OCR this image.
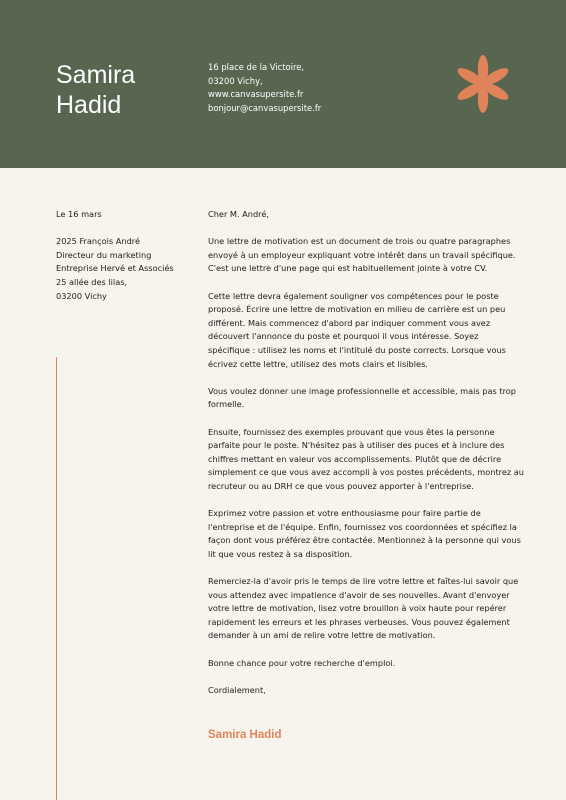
Samira
Hadid
16 place de la Victoire,
03200 Vichy,
www.canvasupersite.fr
bonjour@canvasupersite.fr
Le 16 mars
2025 François André
Directeur du marketing
Entreprise Hervé et Associés
25 allée des lilas,
03200 Vichy

Cher M. André,

Une lettre de motivation est un document de trois ou quatre paragraphes
envoyé à un employeur expliquant votre intérêt dans un travail spécifique.
C'est une lettre d'une page qui est habituellement jointe à votre CV.

Cette lettre devra également souligner vos compétences pour le poste
proposé. Écrire une lettre de motivation en milieu de carrière est un peu
différent. Mais commencez d'abord par indiquer comment vous avez
découvert l'annonce du poste et pourquoi il vous intéresse. Soyez
spécifique : utilisez les noms et l'intitulé du poste corrects. Lorsque vous
écrivez cette lettre, utilisez des mots clairs et lisibles.

Vous voulez donner une image professionnelle et accessible, mais pas trop
formelle.

Ensuite, fournissez des exemples prouvant que vous êtes la personne
parfaite pour le poste. N'hésitez pas à utiliser des puces et à inclure des
chiffres mettant en valeur vos accomplissements. Plutôt que de décrire
simplement ce que vous avez accompli à vos postes précédents, montrez au
recruteur ou au DRH ce que vous pouvez apporter à l'entreprise.

Exprimez votre passion et votre enthousiasme pour faire partie de
l'entreprise et de l'équipe. Enfin, fournissez vos coordonnées et spécifiez la
façon dont vous préférez être contactée. Mentionnez à la personne qui vous
lit que vous restez à sa disposition.

Remerciez-la d'avoir pris le temps de lire votre lettre et faîtes-lui savoir que
vous attendez avec impatience d'avoir de ses nouvelles. Avant d'envoyer
votre lettre de motivation, lisez votre brouillon à voix haute pour repérer
rapidement les erreurs et les phrases verbeuses. Vous pouvez également
demander à un ami de relire votre lettre de motivation.

Bonne chance pour votre recherche d'emploi.

Cordialement,

Samira Hadid
